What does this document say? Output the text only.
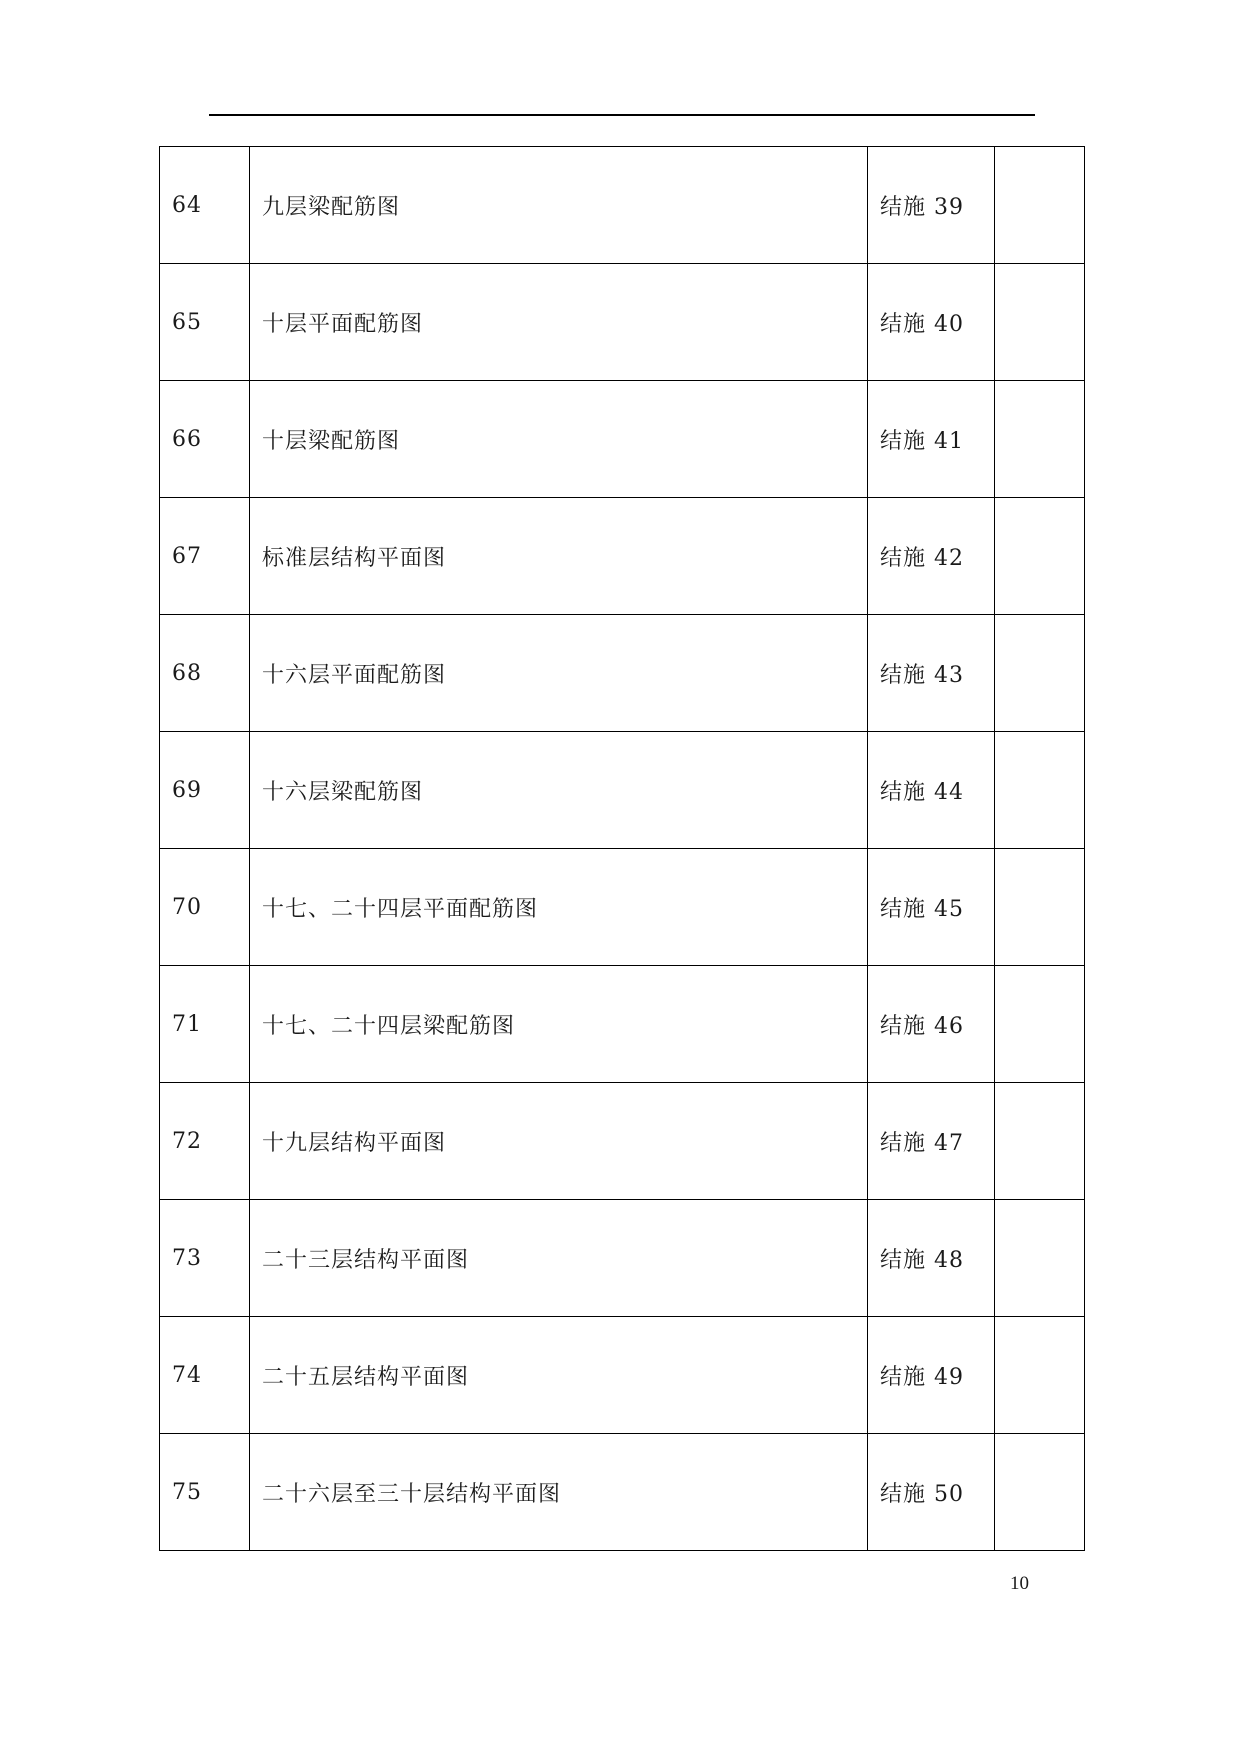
64	九层梁配筋图	结施 39	
65	十层平面配筋图	结施 40	
66	十层梁配筋图	结施 41	
67	标准层结构平面图	结施 42	
68	十六层平面配筋图	结施 43	
69	十六层梁配筋图	结施 44	
70	十七、二十四层平面配筋图	结施 45	
71	十七、二十四层梁配筋图	结施 46	
72	十九层结构平面图	结施 47	
73	二十三层结构平面图	结施 48	
74	二十五层结构平面图	结施 49	
75	二十六层至三十层结构平面图	结施 50	
10
